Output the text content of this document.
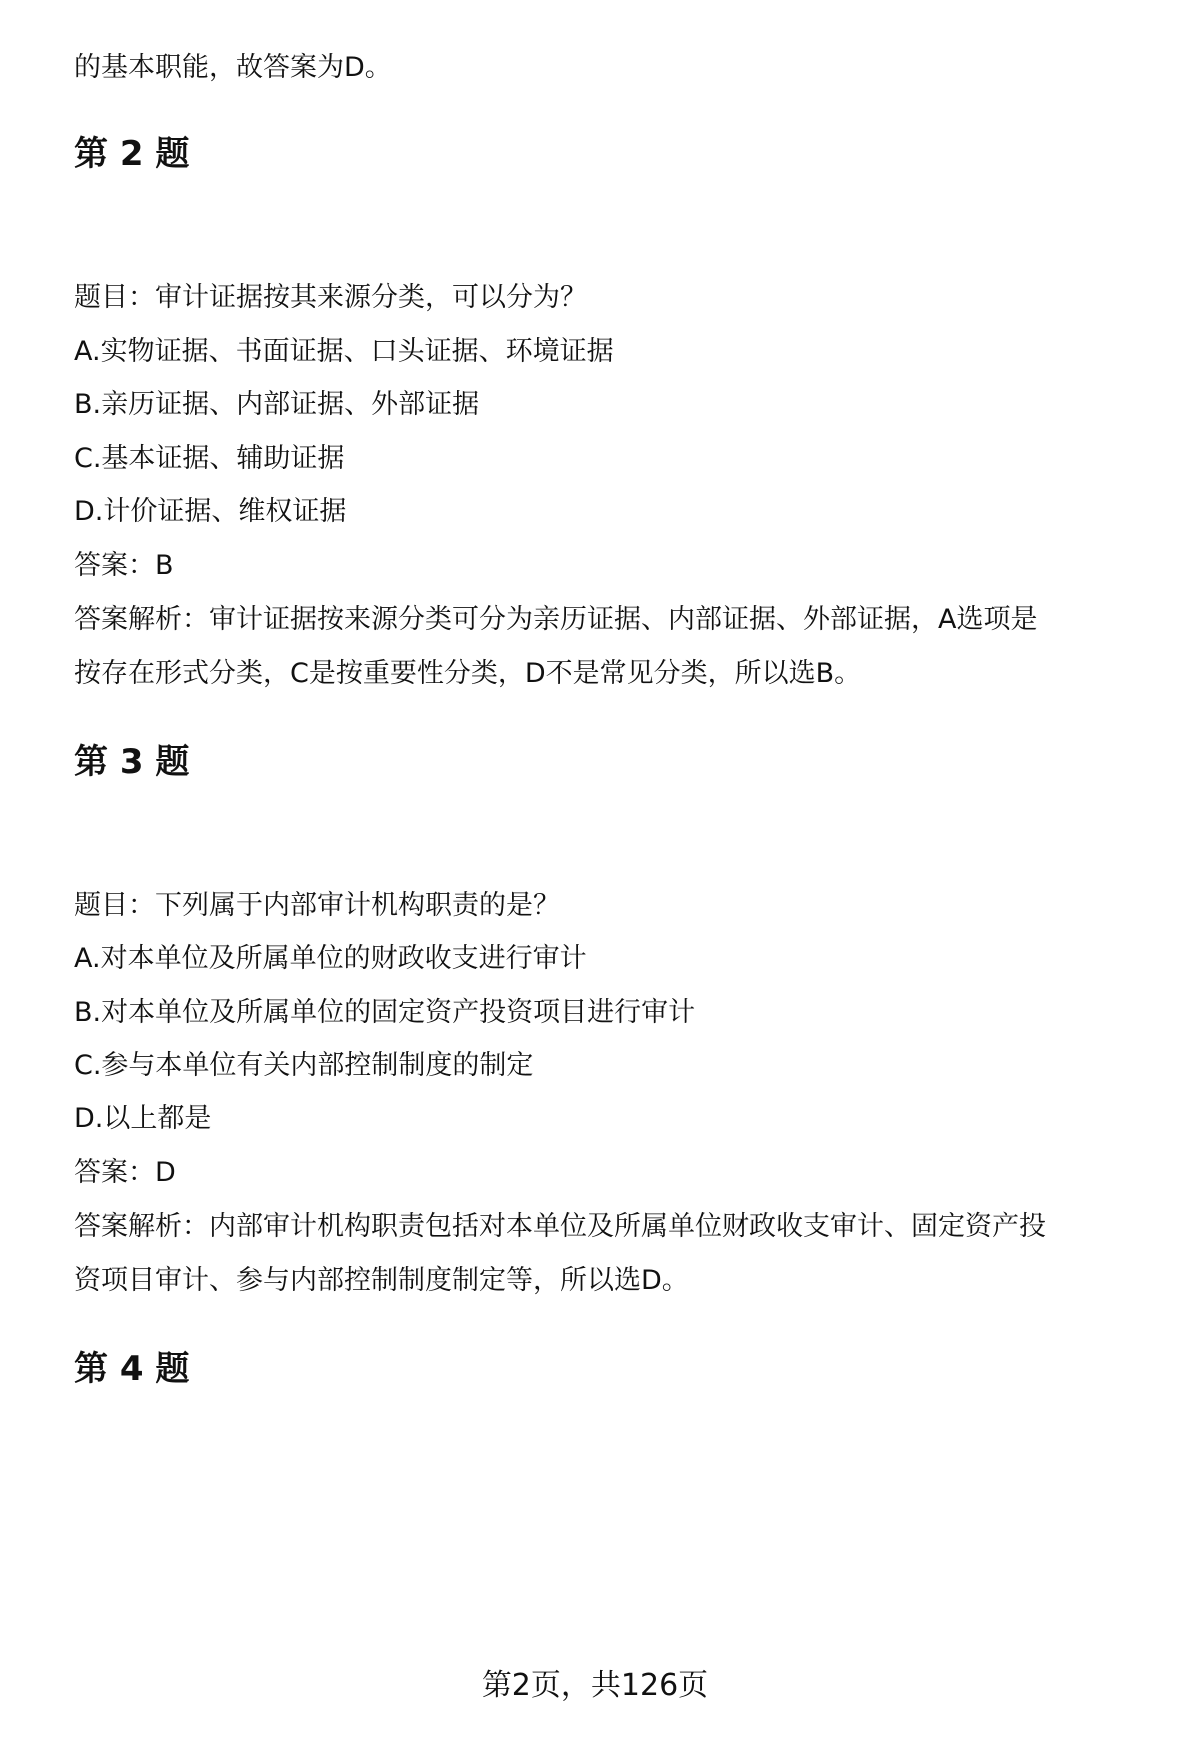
的基本职能，故答案为D。
第 2 题
题目：审计证据按其来源分类，可以分为？
A.实物证据、书面证据、口头证据、环境证据
B.亲历证据、内部证据、外部证据
C.基本证据、辅助证据
D.计价证据、维权证据
答案：B
答案解析：审计证据按来源分类可分为亲历证据、内部证据、外部证据，A选项是
按存在形式分类，C是按重要性分类，D不是常见分类，所以选B。
第 3 题
题目：下列属于内部审计机构职责的是？
A.对本单位及所属单位的财政收支进行审计
B.对本单位及所属单位的固定资产投资项目进行审计
C.参与本单位有关内部控制制度的制定
D.以上都是
答案：D
答案解析：内部审计机构职责包括对本单位及所属单位财政收支审计、固定资产投
资项目审计、参与内部控制制度制定等，所以选D。
第 4 题
第2页，共126页
